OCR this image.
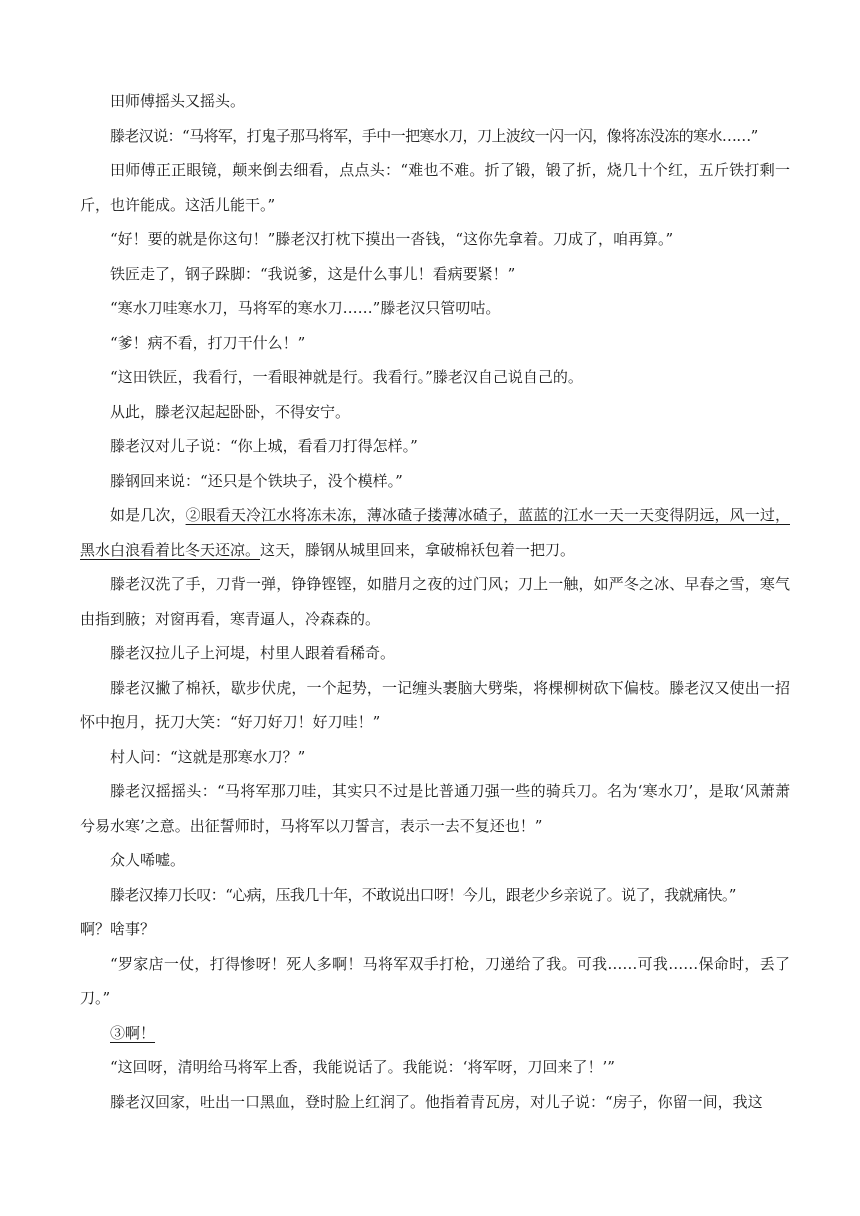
田师傅摇头又摇头。

滕老汉说：“马将军，打鬼子那马将军，手中一把寒水刀，刀上波纹一闪一闪，像将冻没冻的寒水……”

田师傅正正眼镜，颠来倒去细看，点点头：“难也不难。折了锻，锻了折，烧几十个红，五斤铁打剩一斤，也许能成。这活儿能干。”

“好！要的就是你这句！”滕老汉打枕下摸出一沓钱，“这你先拿着。刀成了，咱再算。”

铁匠走了，钢子跺脚：“我说爹，这是什么事儿！看病要紧！”

“寒水刀哇寒水刀，马将军的寒水刀……”滕老汉只管叨咕。

“爹！病不看，打刀干什么！”

“这田铁匠，我看行，一看眼神就是行。我看行。”滕老汉自己说自己的。

从此，滕老汉起起卧卧，不得安宁。

滕老汉对儿子说：“你上城，看看刀打得怎样。”

滕钢回来说：“还只是个铁块子，没个模样。”

如是几次，②眼看天冷江水将冻未冻，薄冰碴子搂薄冰碴子，蓝蓝的江水一天一天变得阴远，风一过，黑水白浪看着比冬天还凉。这天，滕钢从城里回来，拿破棉袄包着一把刀。

滕老汉洗了手，刀背一弹，铮铮铿铿，如腊月之夜的过门风；刀上一触，如严冬之冰、早春之雪，寒气由指到腋；对窗再看，寒青逼人，冷森森的。

滕老汉拉儿子上河堤，村里人跟着看稀奇。

滕老汉撇了棉袄，歇步伏虎，一个起势，一记缠头裹脑大劈柴，将棵柳树砍下偏枝。滕老汉又使出一招怀中抱月，抚刀大笑：“好刀好刀！好刀哇！”

村人问：“这就是那寒水刀？”

滕老汉摇摇头：“马将军那刀哇，其实只不过是比普通刀强一些的骑兵刀。名为‘寒水刀’，是取‘风萧萧兮易水寒’之意。出征誓师时，马将军以刀誓言，表示一去不复还也！”

众人唏嘘。

滕老汉捧刀长叹：“心病，压我几十年，不敢说出口呀！今儿，跟老少乡亲说了。说了，我就痛快。”

啊？啥事？

“罗家店一仗，打得惨呀！死人多啊！马将军双手打枪，刀递给了我。可我……可我……保命时，丢了刀。”

③啊！

“这回呀，清明给马将军上香，我能说话了。我能说：‘将军呀，刀回来了！’”

滕老汉回家，吐出一口黑血，登时脸上红润了。他指着青瓦房，对儿子说：“房子，你留一间，我这
